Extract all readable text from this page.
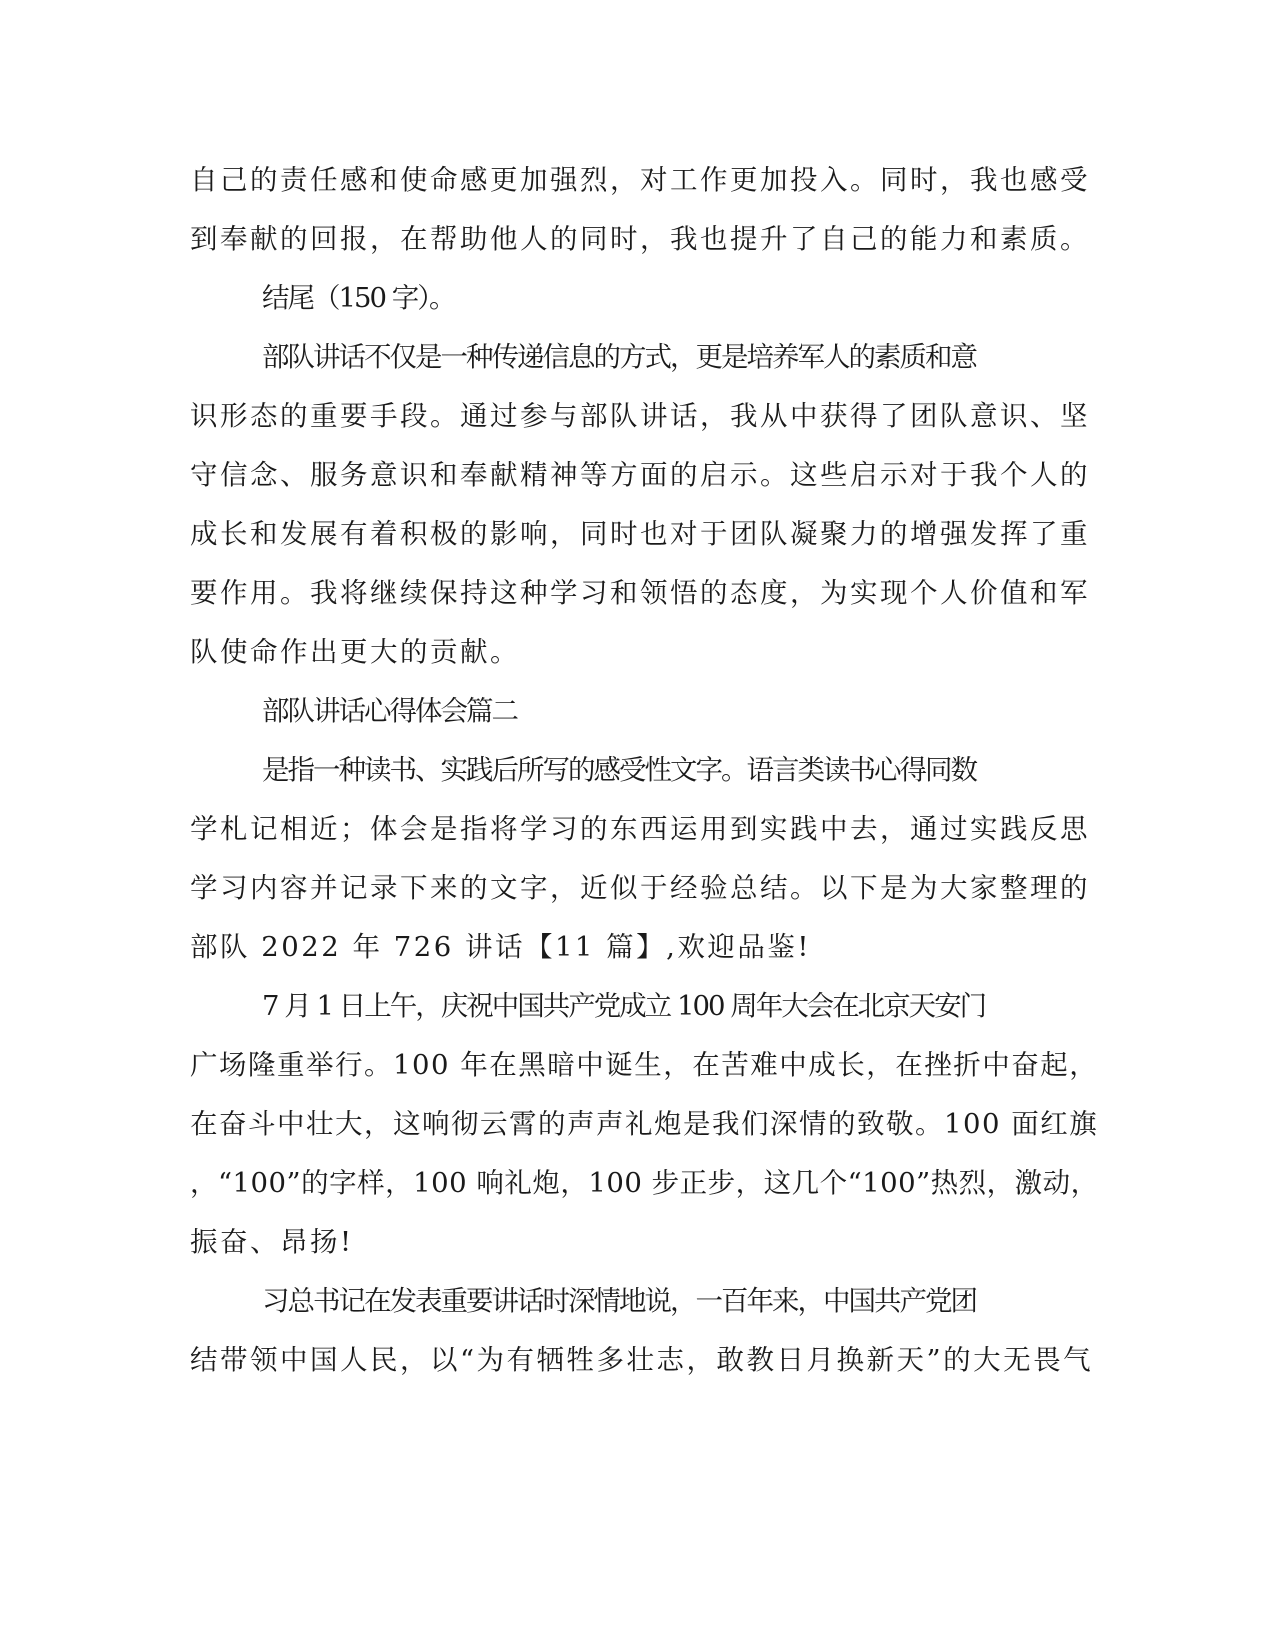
自己的责任感和使命感更加强烈，对工作更加投入。同时，我也感受
到奉献的回报，在帮助他人的同时，我也提升了自己的能力和素质。
结尾（150 字）。
部队讲话不仅是一种传递信息的方式，更是培养军人的素质和意
识形态的重要手段。通过参与部队讲话，我从中获得了团队意识、坚
守信念、服务意识和奉献精神等方面的启示。这些启示对于我个人的
成长和发展有着积极的影响，同时也对于团队凝聚力的增强发挥了重
要作用。我将继续保持这种学习和领悟的态度，为实现个人价值和军
队使命作出更大的贡献。
部队讲话心得体会篇二
是指一种读书、实践后所写的感受性文字。语言类读书心得同数
学札记相近；体会是指将学习的东西运用到实践中去，通过实践反思
学习内容并记录下来的文字，近似于经验总结。以下是为大家整理的
部队 2022 年 726 讲话【11 篇】,欢迎品鉴!
7 月 1 日上午，庆祝中国共产党成立 100 周年大会在北京天安门
广场隆重举行。100 年在黑暗中诞生，在苦难中成长，在挫折中奋起，
在奋斗中壮大，这响彻云霄的声声礼炮是我们深情的致敬。100 面红旗
，“100”的字样，100 响礼炮，100 步正步，这几个“100”热烈，激动，
振奋、昂扬!
习总书记在发表重要讲话时深情地说，一百年来，中国共产党团
结带领中国人民，以“为有牺牲多壮志，敢教日月换新天”的大无畏气
